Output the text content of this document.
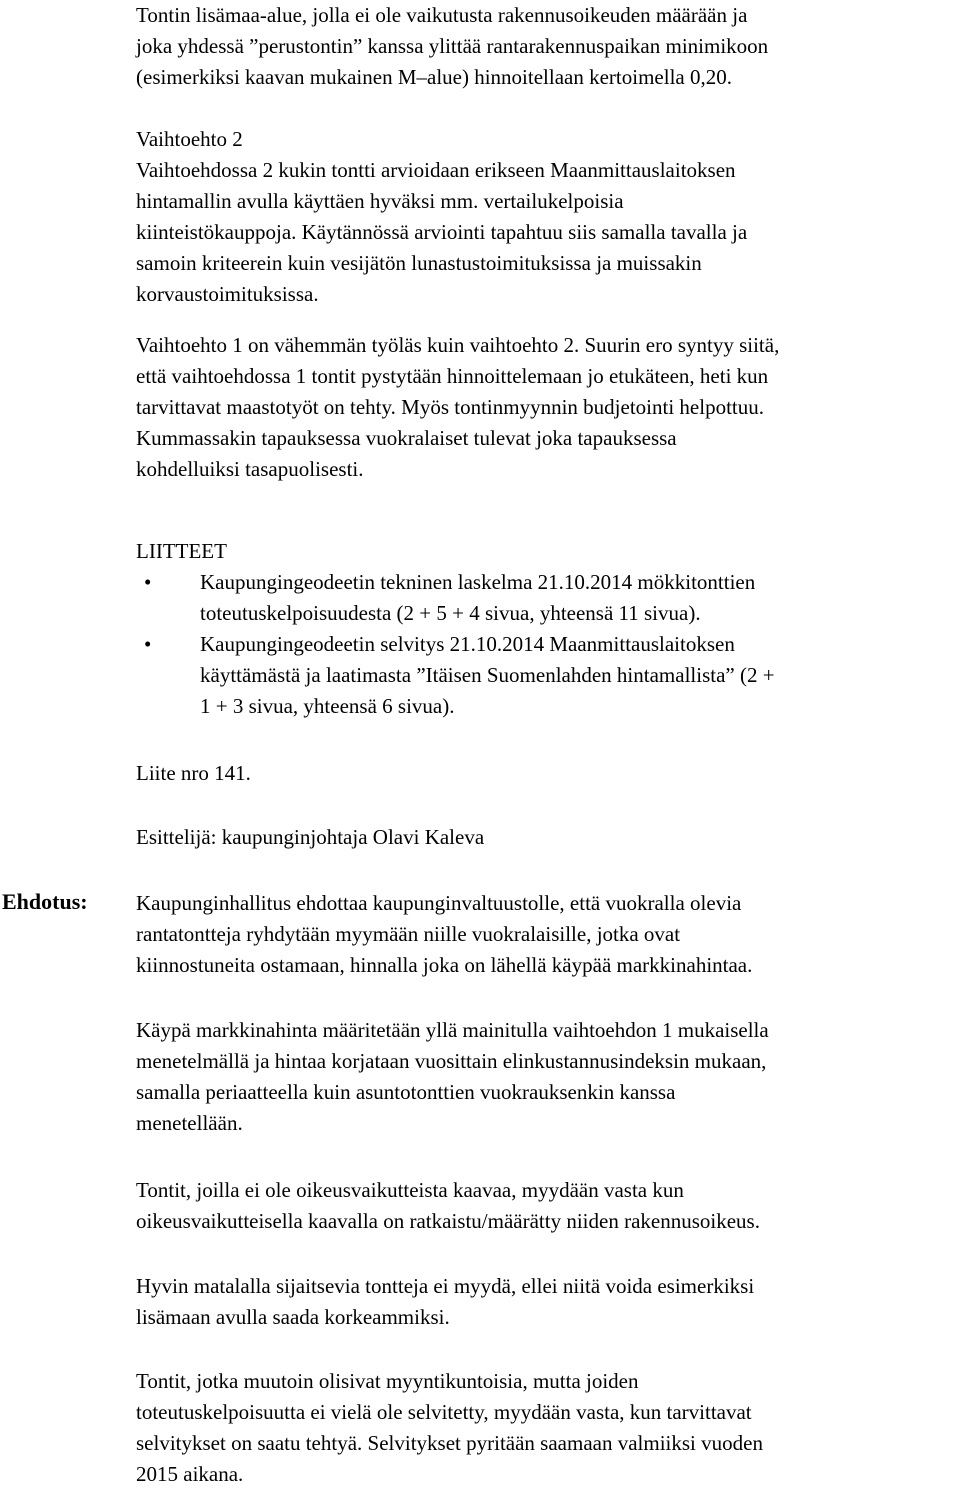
Tontin lisämaa-alue, jolla ei ole vaikutusta rakennusoikeuden määrään ja
joka yhdessä ”perustontin” kanssa ylittää rantarakennuspaikan minimikoon
(esimerkiksi kaavan mukainen M–alue) hinnoitellaan kertoimella 0,20.

Vaihtoehto 2

Vaihtoehdossa 2 kukin tontti arvioidaan erikseen Maanmittauslaitoksen
hintamallin avulla käyttäen hyväksi mm. vertailukelpoisia
kiinteistökauppoja. Käytännössä arviointi tapahtuu siis samalla tavalla ja
samoin kriteerein kuin vesijätön lunastustoimituksissa ja muissakin
korvaustoimituksissa.

Vaihtoehto 1 on vähemmän työläs kuin vaihtoehto 2. Suurin ero syntyy siitä,
että vaihtoehdossa 1 tontit pystytään hinnoittelemaan jo etukäteen, heti kun
tarvittavat maastotyöt on tehty. Myös tontinmyynnin budjetointi helpottuu.
Kummassakin tapauksessa vuokralaiset tulevat joka tapauksessa
kohdelluiksi tasapuolisesti.

LIITTEET

• Kaupungingeodeetin tekninen laskelma 21.10.2014 mökkitonttien
toteutuskelpoisuudesta (2 + 5 + 4 sivua, yhteensä 11 sivua).

• Kaupungingeodeetin selvitys 21.10.2014 Maanmittauslaitoksen
käyttämästä ja laatimasta ”Itäisen Suomenlahden hintamallista” (2 +
1 + 3 sivua, yhteensä 6 sivua).

Liite nro 141.

Esittelijä: kaupunginjohtaja Olavi Kaleva

Ehdotus: Kaupunginhallitus ehdottaa kaupunginvaltuustolle, että vuokralla olevia
rantatontteja ryhdytään myymään niille vuokralaisille, jotka ovat
kiinnostuneita ostamaan, hinnalla joka on lähellä käypää markkinahintaa.

Käypä markkinahinta määritetään yllä mainitulla vaihtoehdon 1 mukaisella
menetelmällä ja hintaa korjataan vuosittain elinkustannusindeksin mukaan,
samalla periaatteella kuin asuntotonttien vuokrauksenkin kanssa
menetellään.

Tontit, joilla ei ole oikeusvaikutteista kaavaa, myydään vasta kun
oikeusvaikutteisella kaavalla on ratkaistu/määrätty niiden rakennusoikeus.

Hyvin matalalla sijaitsevia tontteja ei myydä, ellei niitä voida esimerkiksi
lisämaan avulla saada korkeammiksi.

Tontit, jotka muutoin olisivat myyntikuntoisia, mutta joiden
toteutuskelpoisuutta ei vielä ole selvitetty, myydään vasta, kun tarvittavat
selvitykset on saatu tehtyä. Selvitykset pyritään saamaan valmiiksi vuoden
2015 aikana.
